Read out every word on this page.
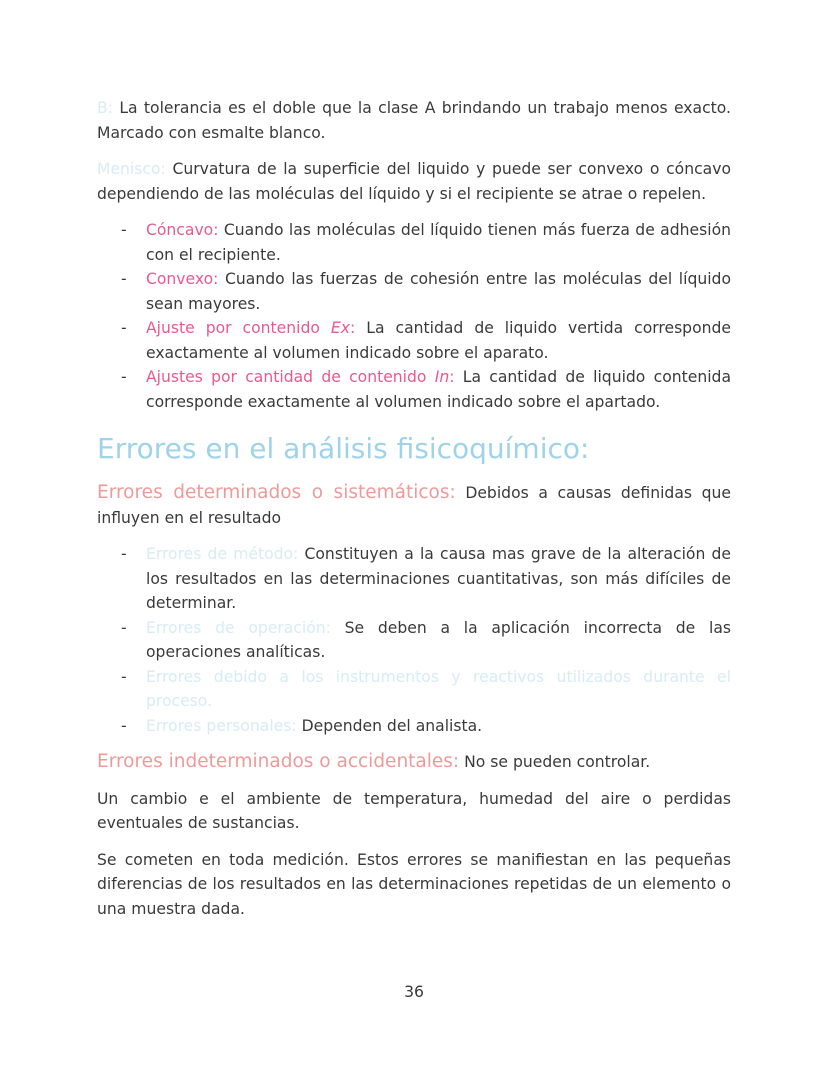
B: La tolerancia es el doble que la clase A brindando un trabajo menos exacto. Marcado con esmalte blanco.

Menisco: Curvatura de la superficie del liquido y puede ser convexo o cóncavo dependiendo de las moléculas del líquido y si el recipiente se atrae o repelen.

- Cóncavo: Cuando las moléculas del líquido tienen más fuerza de adhesión con el recipiente.
- Convexo: Cuando las fuerzas de cohesión entre las moléculas del líquido sean mayores.
- Ajuste por contenido Ex: La cantidad de liquido vertida corresponde exactamente al volumen indicado sobre el aparato.
- Ajustes por cantidad de contenido In: La cantidad de liquido contenida corresponde exactamente al volumen indicado sobre el apartado.
Errores en el análisis fisicoquímico:

Errores determinados o sistemáticos: Debidos a causas definidas que influyen en el resultado

- Errores de método: Constituyen a la causa mas grave de la alteración de los resultados en las determinaciones cuantitativas, son más difíciles de determinar.
- Errores de operación: Se deben a la aplicación incorrecta de las operaciones analíticas.
- Errores debido a los instrumentos y reactivos utilizados durante el proceso.
- Errores personales: Dependen del analista.

Errores indeterminados o accidentales: No se pueden controlar.

Un cambio e el ambiente de temperatura, humedad del aire o perdidas eventuales de sustancias.

Se cometen en toda medición. Estos errores se manifiestan en las pequeñas diferencias de los resultados en las determinaciones repetidas de un elemento o una muestra dada.

36
